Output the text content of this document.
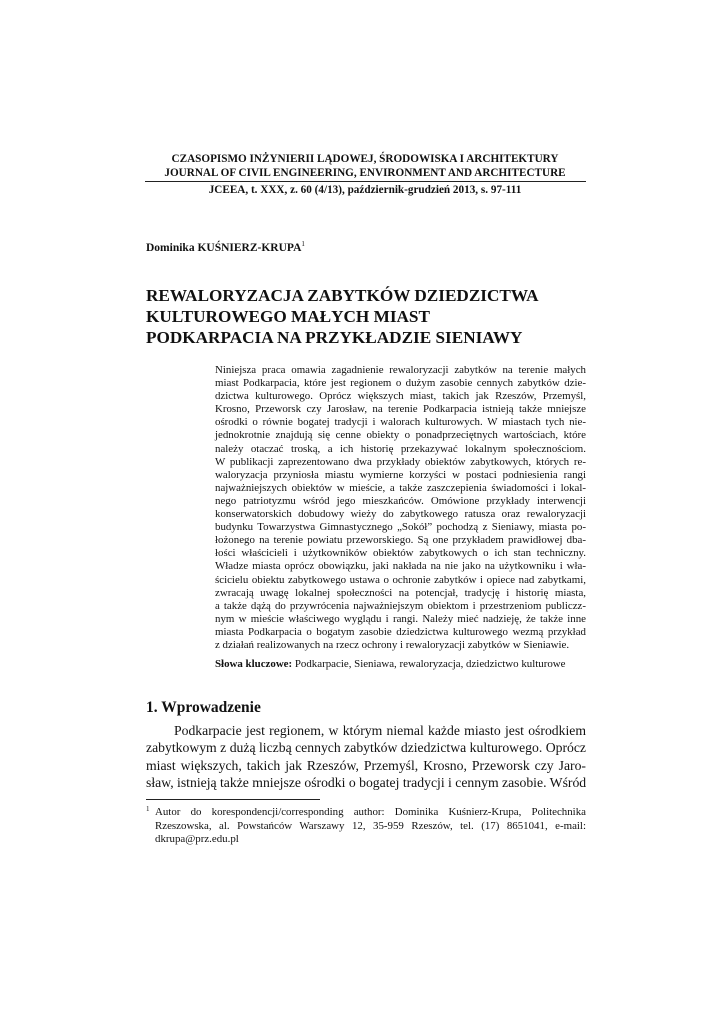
CZASOPISMO INŻYNIERII LĄDOWEJ, ŚRODOWISKA I ARCHITEKTURY
JOURNAL OF CIVIL ENGINEERING, ENVIRONMENT AND ARCHITECTURE
JCEEA, t. XXX, z. 60 (4/13), październik-grudzień 2013, s. 97-111
Dominika KUŚNIERZ-KRUPA$^1$
REWALORYZACJA ZABYTKÓW DZIEDZICTWA
KULTUROWEGO MAŁYCH MIAST
PODKARPACIA NA PRZYKŁADZIE SIENIAWY
Niniejsza praca omawia zagadnienie rewaloryzacji zabytków na terenie małych
miast Podkarpacia, które jest regionem o dużym zasobie cennych zabytków dzie-
dzictwa kulturowego. Oprócz większych miast, takich jak Rzeszów, Przemyśl,
Krosno, Przeworsk czy Jarosław, na terenie Podkarpacia istnieją także mniejsze
ośrodki o równie bogatej tradycji i walorach kulturowych. W miastach tych nie-
jednokrotnie znajdują się cenne obiekty o ponadprzeciętnych wartościach, które
należy otaczać troską, a ich historię przekazywać lokalnym społecznościom.
W publikacji zaprezentowano dwa przykłady obiektów zabytkowych, których re-
waloryzacja przyniosła miastu wymierne korzyści w postaci podniesienia rangi
najważniejszych obiektów w mieście, a także zaszczepienia świadomości i lokal-
nego patriotyzmu wśród jego mieszkańców. Omówione przykłady interwencji
konserwatorskich dobudowy wieży do zabytkowego ratusza oraz rewaloryzacji
budynku Towarzystwa Gimnastycznego „Sokół” pochodzą z Sieniawy, miasta po-
łożonego na terenie powiatu przeworskiego. Są one przykładem prawidłowej dba-
łości właścicieli i użytkowników obiektów zabytkowych o ich stan techniczny.
Władze miasta oprócz obowiązku, jaki nakłada na nie jako na użytkowniku i wła-
ścicielu obiektu zabytkowego ustawa o ochronie zabytków i opiece nad zabytkami,
zwracają uwagę lokalnej społeczności na potencjał, tradycję i historię miasta,
a także dążą do przywrócenia najważniejszym obiektom i przestrzeniom publiczz-
nym w mieście właściwego wyglądu i rangi. Należy mieć nadzieję, że także inne
miasta Podkarpacia o bogatym zasobie dziedzictwa kulturowego wezmą przykład
z działań realizowanych na rzecz ochrony i rewaloryzacji zabytków w Sieniawie.
Słowa kluczowe: Podkarpacie, Sieniawa, rewaloryzacja, dziedzictwo kulturowe
1. Wprowadzenie
Podkarpacie jest regionem, w którym niemal każde miasto jest ośrodkiem
zabytkowym z dużą liczbą cennych zabytków dziedzictwa kulturowego. Oprócz
miast większych, takich jak Rzeszów, Przemyśl, Krosno, Przeworsk czy Jaro-
sław, istnieją także mniejsze ośrodki o bogatej tradycji i cennym zasobie. Wśród
1 Autor do korespondencji/corresponding author: Dominika Kuśnierz-Krupa, Politechnika
Rzeszowska, al. Powstańców Warszawy 12, 35-959 Rzeszów, tel. (17) 8651041, e-mail:
dkrupa@prz.edu.pl
